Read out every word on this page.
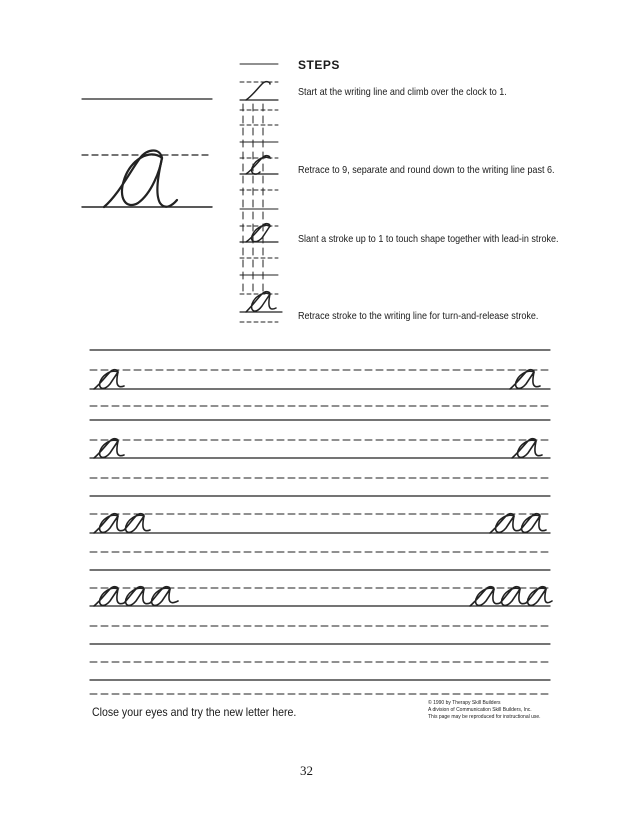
STEPS
Start at the writing line and climb over the clock to 1.
Retrace to 9, separate and round down to the writing line past 6.
Slant a stroke up to 1 to touch shape together with lead-in stroke.
Retrace stroke to the writing line for turn-and-release stroke.
Close your eyes and try the new letter here.
© 1990 by Therapy Skill Builders
A division of Communication Skill Builders, Inc.
This page may be reproduced for instructional use.
32
